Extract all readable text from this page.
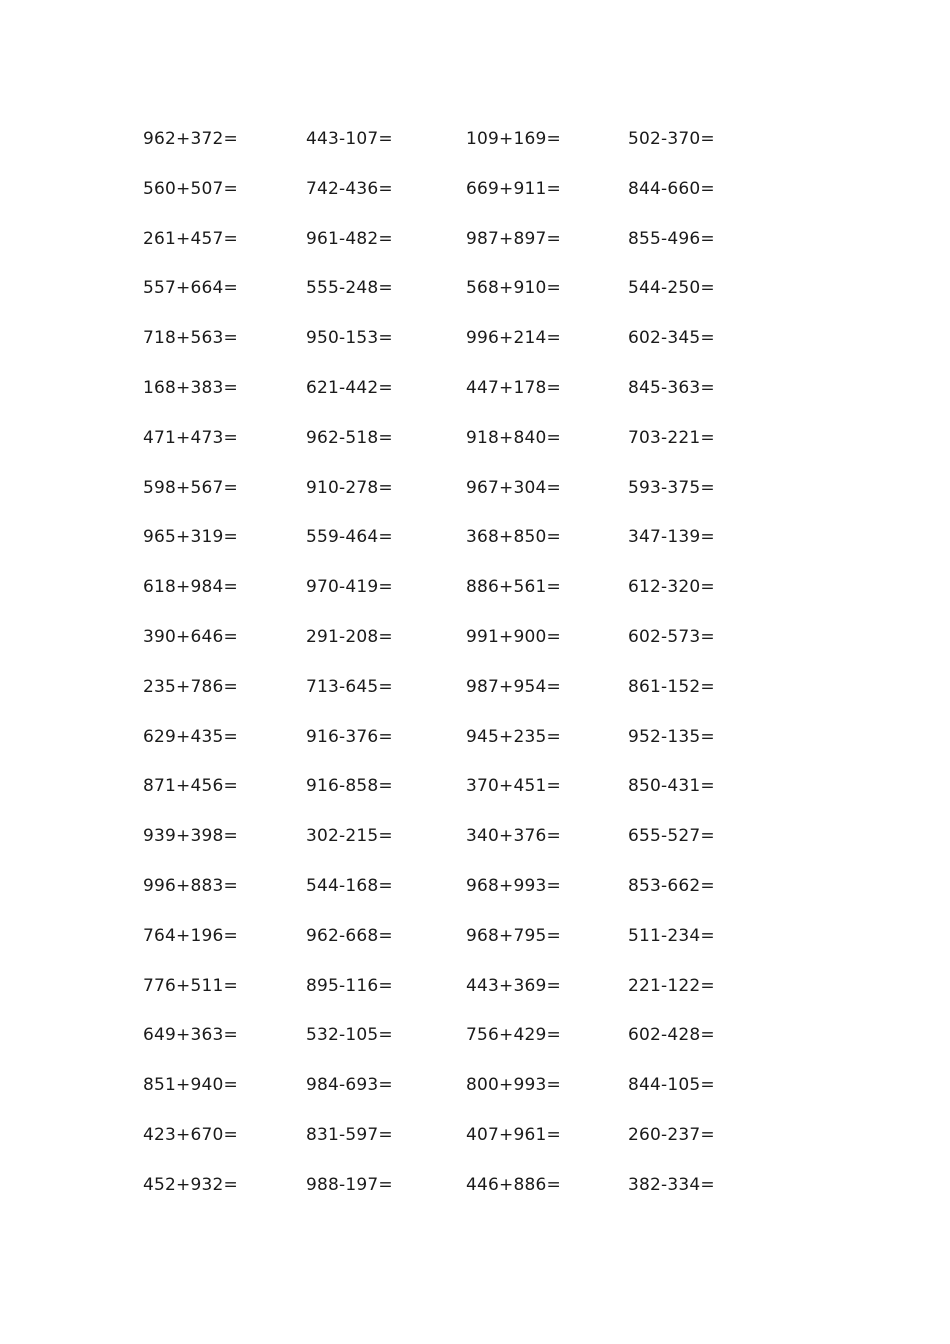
962+372=	443-107=	109+169=	502-370=
560+507=	742-436=	669+911=	844-660=
261+457=	961-482=	987+897=	855-496=
557+664=	555-248=	568+910=	544-250=
718+563=	950-153=	996+214=	602-345=
168+383=	621-442=	447+178=	845-363=
471+473=	962-518=	918+840=	703-221=
598+567=	910-278=	967+304=	593-375=
965+319=	559-464=	368+850=	347-139=
618+984=	970-419=	886+561=	612-320=
390+646=	291-208=	991+900=	602-573=
235+786=	713-645=	987+954=	861-152=
629+435=	916-376=	945+235=	952-135=
871+456=	916-858=	370+451=	850-431=
939+398=	302-215=	340+376=	655-527=
996+883=	544-168=	968+993=	853-662=
764+196=	962-668=	968+795=	511-234=
776+511=	895-116=	443+369=	221-122=
649+363=	532-105=	756+429=	602-428=
851+940=	984-693=	800+993=	844-105=
423+670=	831-597=	407+961=	260-237=
452+932=	988-197=	446+886=	382-334=
